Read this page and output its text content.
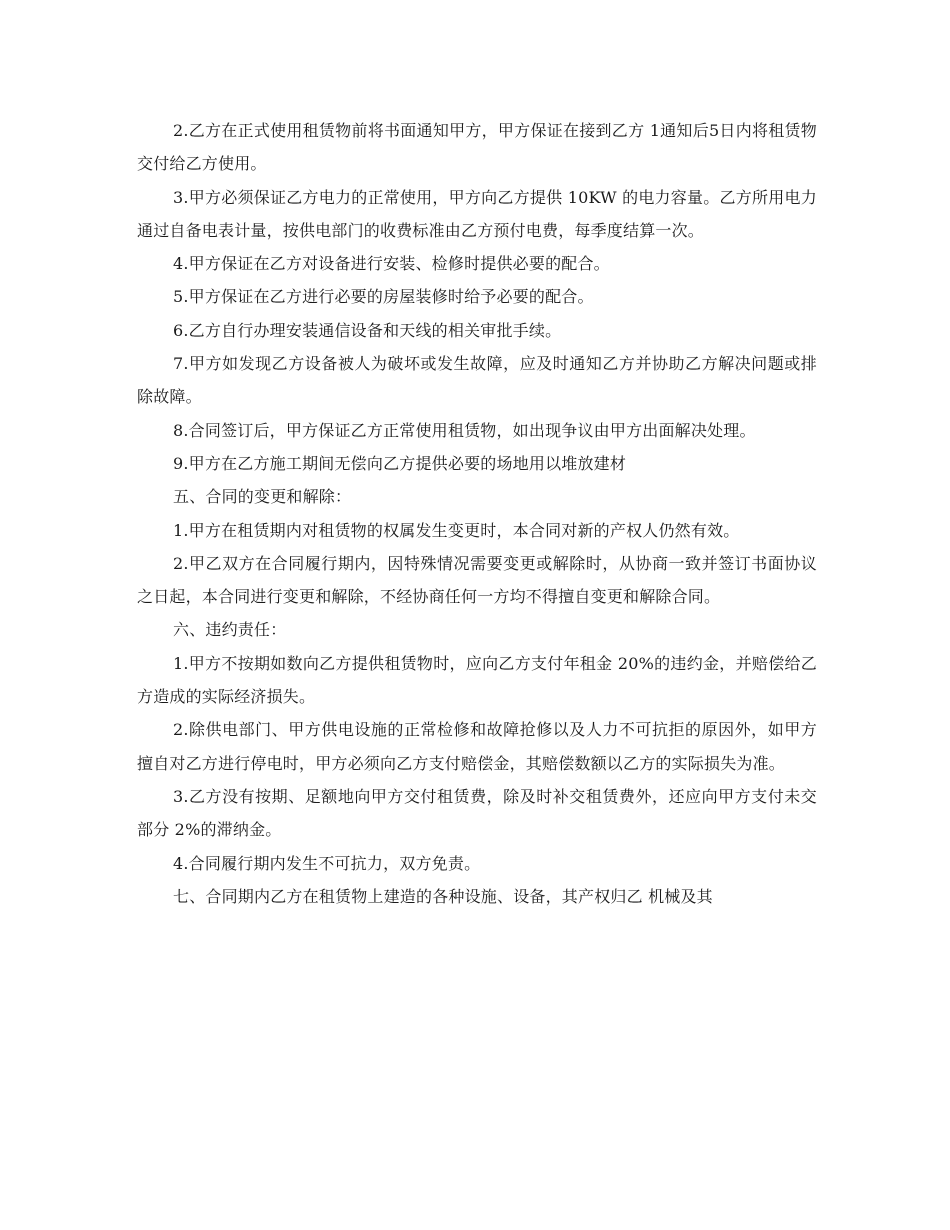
2.乙方在正式使用租赁物前将书面通知甲方，甲方保证在接到乙方 1通知后5日内将租赁物交付给乙方使用。

3.甲方必须保证乙方电力的正常使用，甲方向乙方提供 10KW 的电力容量。乙方所用电力通过自备电表计量，按供电部门的收费标准由乙方预付电费，每季度结算一次。

4.甲方保证在乙方对设备进行安装、检修时提供必要的配合。

5.甲方保证在乙方进行必要的房屋装修时给予必要的配合。

6.乙方自行办理安装通信设备和天线的相关审批手续。

7.甲方如发现乙方设备被人为破坏或发生故障，应及时通知乙方并协助乙方解决问题或排除故障。

8.合同签订后，甲方保证乙方正常使用租赁物，如出现争议由甲方出面解决处理。

9.甲方在乙方施工期间无偿向乙方提供必要的场地用以堆放建材

五、合同的变更和解除：

1.甲方在租赁期内对租赁物的权属发生变更时，本合同对新的产权人仍然有效。

2.甲乙双方在合同履行期内，因特殊情况需要变更或解除时，从协商一致并签订书面协议之日起，本合同进行变更和解除，不经协商任何一方均不得擅自变更和解除合同。

六、违约责任：

1.甲方不按期如数向乙方提供租赁物时，应向乙方支付年租金 20%的违约金，并赔偿给乙方造成的实际经济损失。

2.除供电部门、甲方供电设施的正常检修和故障抢修以及人力不可抗拒的原因外，如甲方擅自对乙方进行停电时，甲方必须向乙方支付赔偿金，其赔偿数额以乙方的实际损失为准。

3.乙方没有按期、足额地向甲方交付租赁费，除及时补交租赁费外，还应向甲方支付未交部分 2%的滞纳金。

4.合同履行期内发生不可抗力，双方免责。

七、合同期内乙方在租赁物上建造的各种设施、设备，其产权归乙 机械及其
